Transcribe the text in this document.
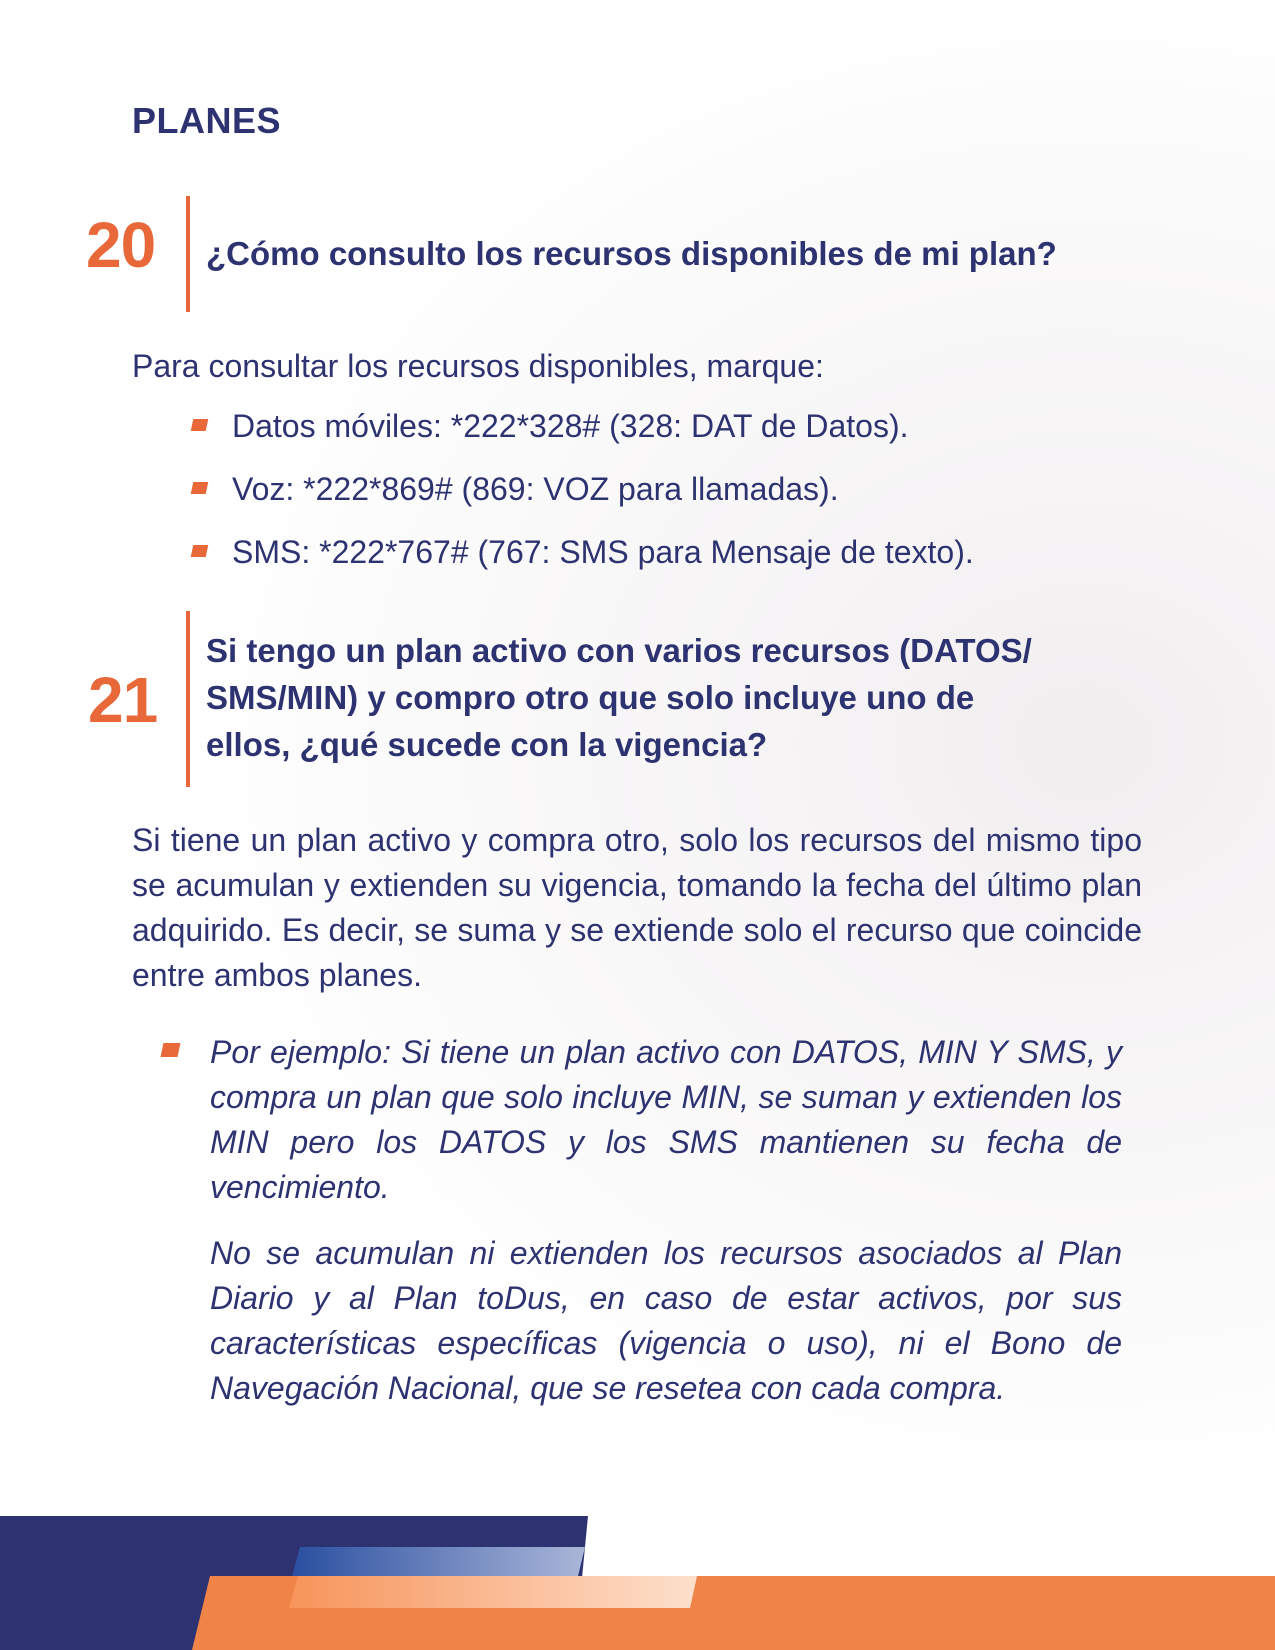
PLANES
20 ¿Cómo consulto los recursos disponibles de mi plan?
Para consultar los recursos disponibles, marque:
Datos móviles: *222*328# (328: DAT de Datos).
Voz: *222*869# (869: VOZ para llamadas).
SMS: *222*767# (767: SMS para Mensaje de texto).
21
Si tengo un plan activo con varios recursos (DATOS/
SMS/MIN) y compro otro que solo incluye uno de
ellos, ¿qué sucede con la vigencia?
Si tiene un plan activo y compra otro, solo los recursos del mismo tipo se acumulan y extienden su vigencia, tomando la fecha del último plan adquirido. Es decir, se suma y se extiende solo el recurso que coincide entre ambos planes.
Por ejemplo: Si tiene un plan activo con DATOS, MIN Y SMS, y compra un plan que solo incluye MIN, se suman y extienden los MIN pero los DATOS y los SMS mantienen su fecha de vencimiento.
No se acumulan ni extienden los recursos asociados al Plan Diario y al Plan toDus, en caso de estar activos, por sus características específicas (vigencia o uso), ni el Bono de Navegación Nacional, que se resetea con cada compra.
